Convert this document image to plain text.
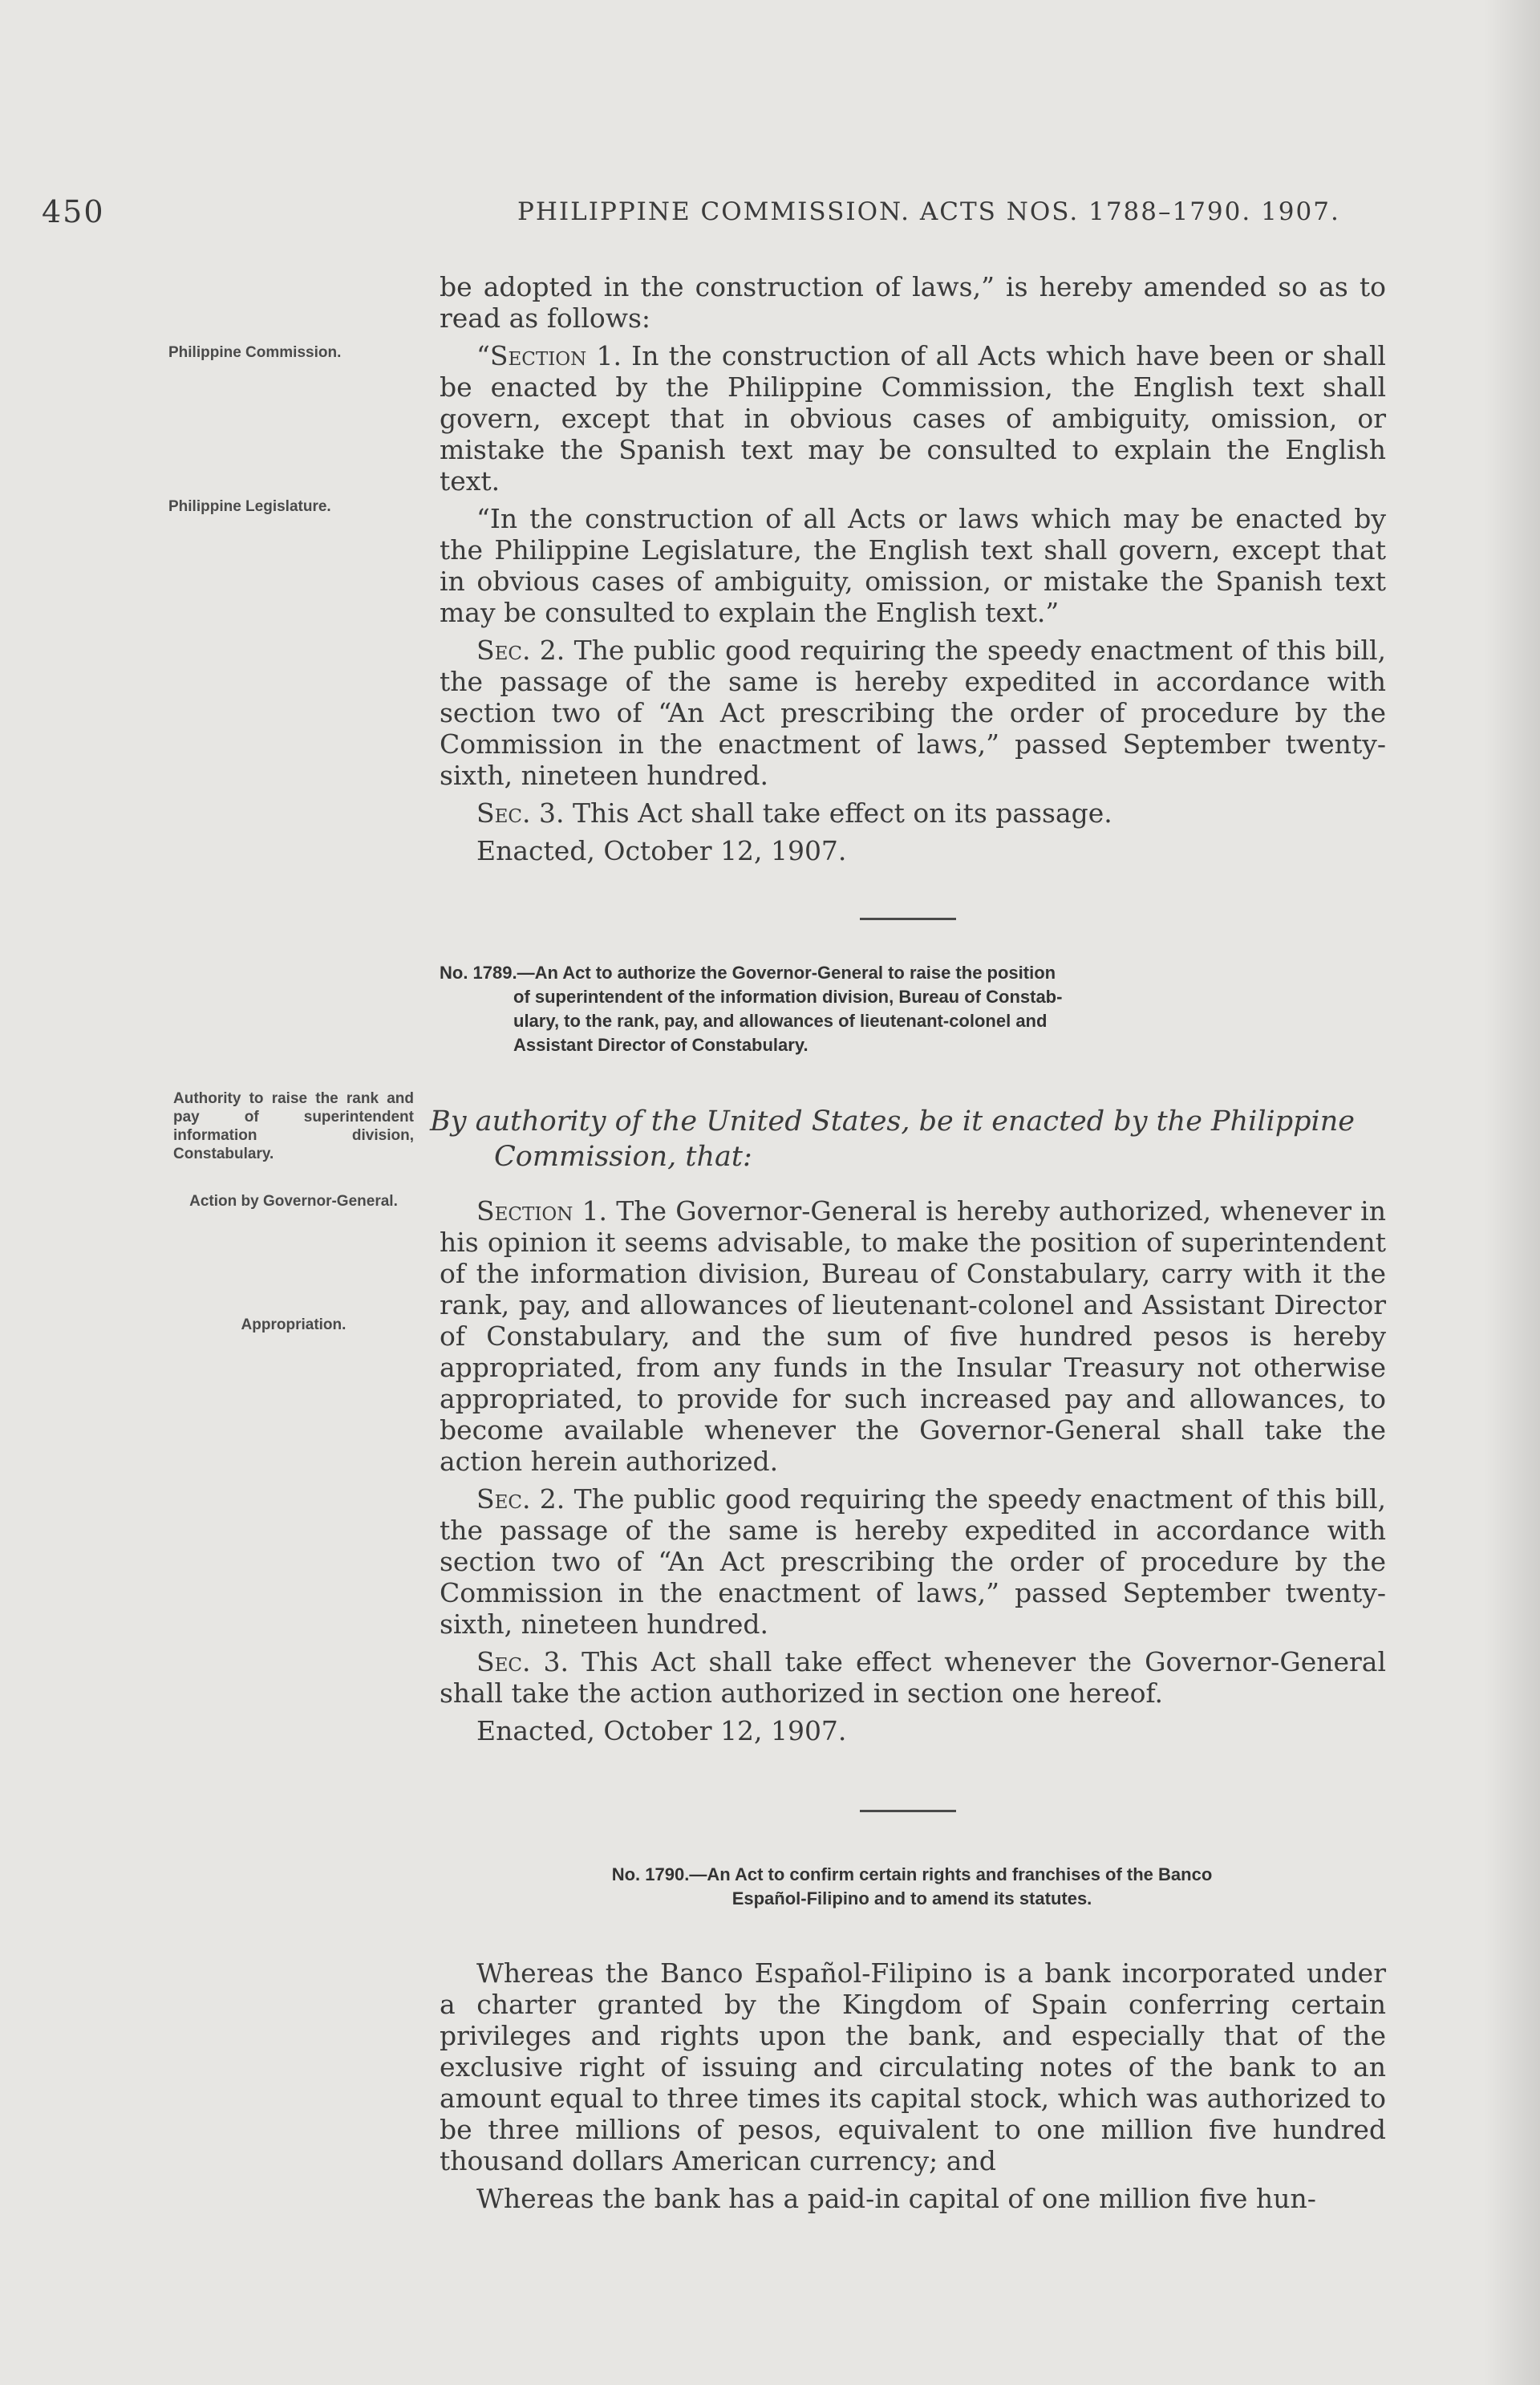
450	PHILIPPINE COMMISSION. ACTS NOS. 1788–1790. 1907.
Philippine Commission.
Philippine Legislature.
Authority to raise the rank and pay of superintendent information division, Constabulary.
Action by Governor-General.
Appropriation.

be adopted in the construction of laws,” is hereby amended so as to read as follows:

“Section 1. In the construction of all Acts which have been or shall be enacted by the Philippine Commission, the English text shall govern, except that in obvious cases of ambiguity, omission, or mistake the Spanish text may be consulted to explain the English text.

“In the construction of all Acts or laws which may be enacted by the Philippine Legislature, the English text shall govern, except that in obvious cases of ambiguity, omission, or mistake the Spanish text may be consulted to explain the English text.”

Sec. 2. The public good requiring the speedy enactment of this bill, the passage of the same is hereby expedited in accordance with section two of “An Act prescribing the order of procedure by the Commission in the enactment of laws,” passed September twenty-sixth, nineteen hundred.

Sec. 3. This Act shall take effect on its passage.

Enacted, October 12, 1907.

No. 1789.—An Act to authorize the Governor-General to raise the position
of superintendent of the information division, Bureau of Constab-
ulary, to the rank, pay, and allowances of lieutenant-colonel and
Assistant Director of Constabulary.
By authority of the United States, be it enacted by the Philippine
Commission, that:

Section 1. The Governor-General is hereby authorized, whenever in his opinion it seems advisable, to make the position of superintendent of the information division, Bureau of Constabulary, carry with it the rank, pay, and allowances of lieutenant-colonel and Assistant Director of Constabulary, and the sum of five hundred pesos is hereby appropriated, from any funds in the Insular Treasury not otherwise appropriated, to provide for such increased pay and allowances, to become available whenever the Governor-General shall take the action herein authorized.

Sec. 2. The public good requiring the speedy enactment of this bill, the passage of the same is hereby expedited in accordance with section two of “An Act prescribing the order of procedure by the Commission in the enactment of laws,” passed September twenty-sixth, nineteen hundred.

Sec. 3. This Act shall take effect whenever the Governor-General shall take the action authorized in section one hereof.

Enacted, October 12, 1907.

No. 1790.—An Act to confirm certain rights and franchises of the Banco
Español-Filipino and to amend its statutes.

Whereas the Banco Español-Filipino is a bank incorporated under a charter granted by the Kingdom of Spain conferring certain privileges and rights upon the bank, and especially that of the exclusive right of issuing and circulating notes of the bank to an amount equal to three times its capital stock, which was authorized to be three millions of pesos, equivalent to one million five hundred thousand dollars American currency; and

Whereas the bank has a paid-in capital of one million five hun-
